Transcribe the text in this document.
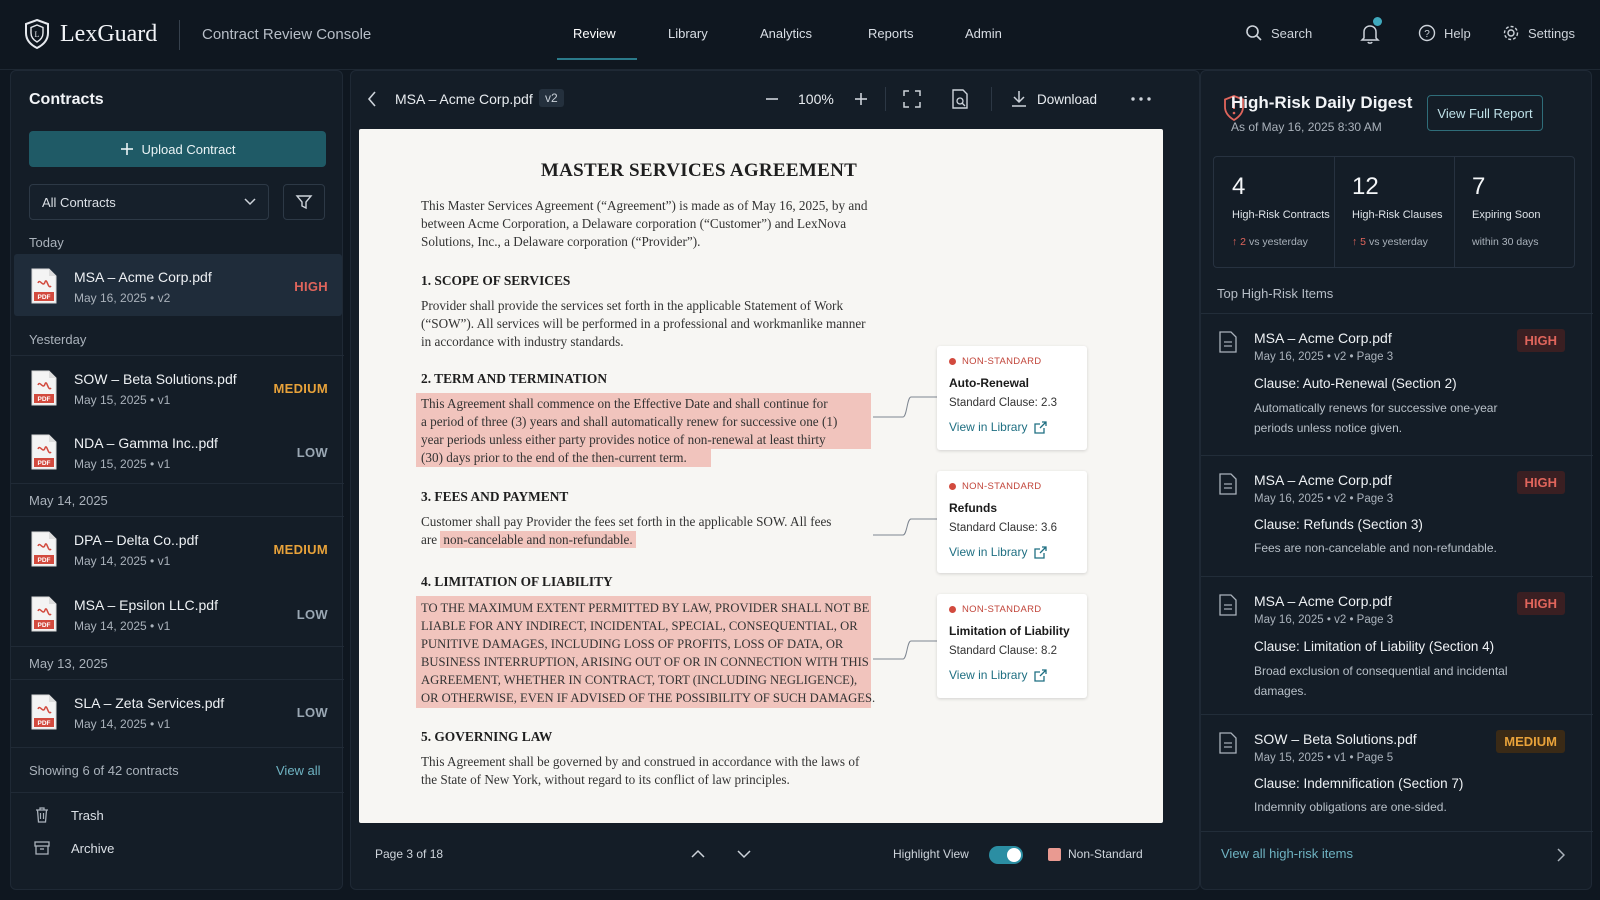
L LexGuard	Contract Review Console	Review	Library	Analytics	Reports	Admin	Search	? Help	Settings
Contracts
Upload Contract
All Contracts
Today
PDF
MSA – Acme Corp.pdf
May 16, 2025 • v2
HIGH
Yesterday
PDF
SOW – Beta Solutions.pdf
May 15, 2025 • v1
MEDIUM
PDF
NDA – Gamma Inc..pdf
May 15, 2025 • v1
LOW
May 14, 2025
PDF
DPA – Delta Co..pdf
May 14, 2025 • v1
MEDIUM
PDF
MSA – Epsilon LLC.pdf
May 14, 2025 • v1
LOW
May 13, 2025
PDF
SLA – Zeta Services.pdf
May 14, 2025 • v1
LOW
Showing 6 of 42 contracts	View all
Trash
Archive
MSA – Acme Corp.pdf	v2	100%	Download
MASTER SERVICES AGREEMENT
This Master Services Agreement (“Agreement”) is made as of May 16, 2025, by and between Acme Corporation, a Delaware corporation (“Customer”) and LexNova Solutions, Inc., a Delaware corporation (“Provider”).
1. SCOPE OF SERVICES
Provider shall provide the services set forth in the applicable Statement of Work (“SOW”). All services will be performed in a professional and workmanlike manner in accordance with industry standards.
2. TERM AND TERMINATION
This Agreement shall commence on the Effective Date and shall continue for
a period of three (3) years and shall automatically renew for successive one (1)
year periods unless either party provides notice of non-renewal at least thirty
(30) days prior to the end of the then-current term.
3. FEES AND PAYMENT
Customer shall pay Provider the fees set forth in the applicable SOW. All fees
are non-cancelable and non-refundable.
4. LIMITATION OF LIABILITY
TO THE MAXIMUM EXTENT PERMITTED BY LAW, PROVIDER SHALL NOT BE
LIABLE FOR ANY INDIRECT, INCIDENTAL, SPECIAL, CONSEQUENTIAL, OR
PUNITIVE DAMAGES, INCLUDING LOSS OF PROFITS, LOSS OF DATA, OR
BUSINESS INTERRUPTION, ARISING OUT OF OR IN CONNECTION WITH THIS
AGREEMENT, WHETHER IN CONTRACT, TORT (INCLUDING NEGLIGENCE),
OR OTHERWISE, EVEN IF ADVISED OF THE POSSIBILITY OF SUCH DAMAGES.
5. GOVERNING LAW
This Agreement shall be governed by and construed in accordance with the laws of the State of New York, without regard to its conflict of law principles.
NON-STANDARD
Auto-Renewal
Standard Clause: 2.3
View in Library
NON-STANDARD
Refunds
Standard Clause: 3.6
View in Library
NON-STANDARD
Limitation of Liability
Standard Clause: 8.2
View in Library
Page 3 of 18	Highlight View	Non-Standard
High-Risk Daily Digest
As of May 16, 2025 8:30 AM
View Full Report
4
High-Risk Contracts
↑ 2 vs yesterday
12
High-Risk Clauses
↑ 5 vs yesterday
7
Expiring Soon
within 30 days
Top High-Risk Items
MSA – Acme Corp.pdf
May 16, 2025 • v2 • Page 3
Clause: Auto-Renewal (Section 2)
Automatically renews for successive one-year periods unless notice given.
HIGH
MSA – Acme Corp.pdf
May 16, 2025 • v2 • Page 3
Clause: Refunds (Section 3)
Fees are non-cancelable and non-refundable.
HIGH
MSA – Acme Corp.pdf
May 16, 2025 • v2 • Page 3
Clause: Limitation of Liability (Section 4)
Broad exclusion of consequential and incidental damages.
HIGH
SOW – Beta Solutions.pdf
May 15, 2025 • v1 • Page 5
Clause: Indemnification (Section 7)
Indemnity obligations are one-sided.
MEDIUM
View all high-risk items
